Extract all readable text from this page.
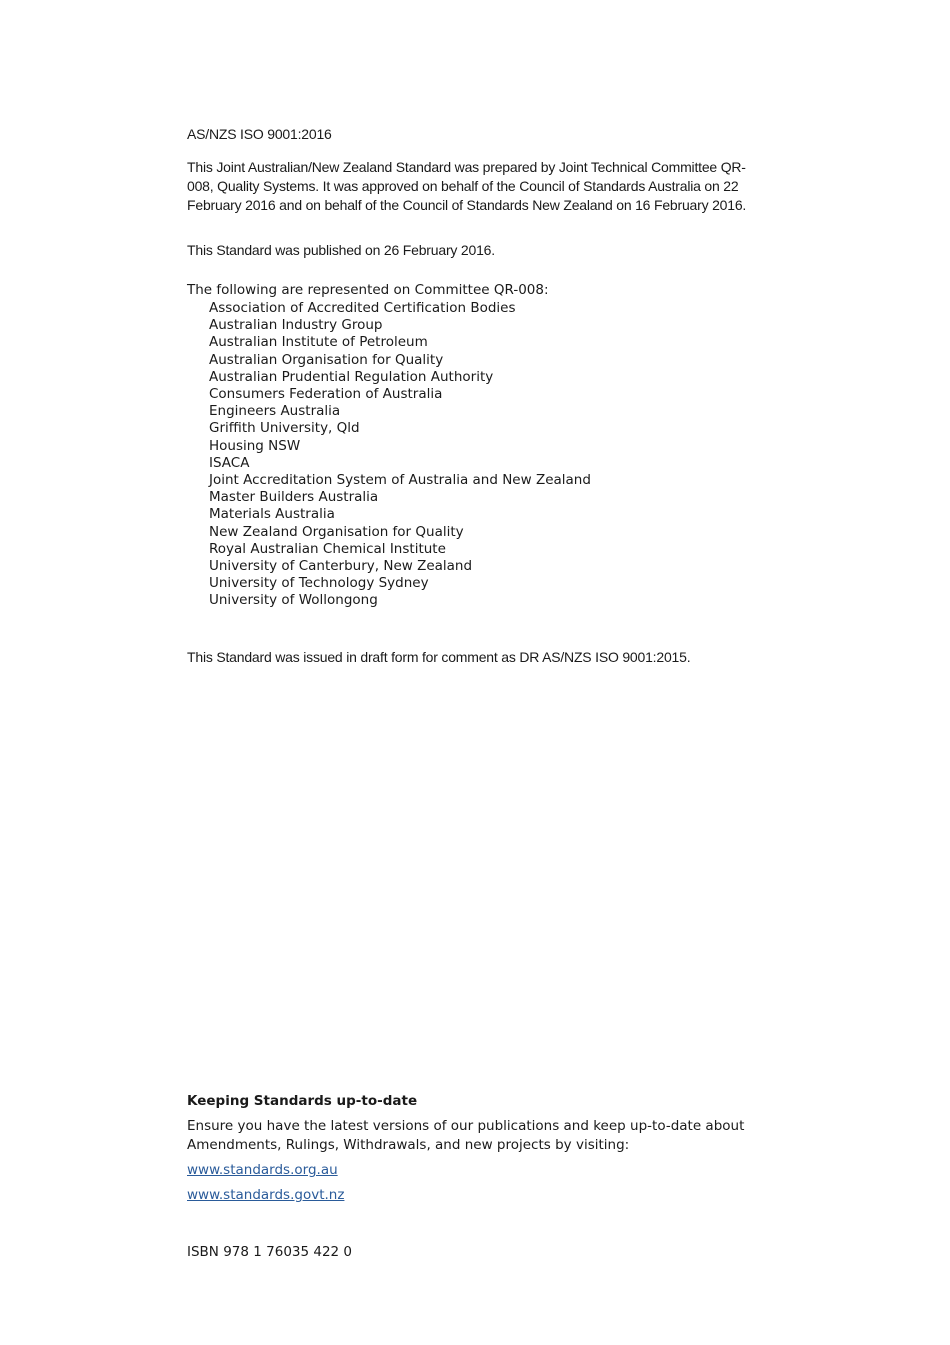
AS/NZS ISO 9001:2016

This Joint Australian/New Zealand Standard was prepared by Joint Technical Committee QR-008, Quality Systems. It was approved on behalf of the Council of Standards Australia on 22 February 2016 and on behalf of the Council of Standards New Zealand on 16 February 2016.

This Standard was published on 26 February 2016.

The following are represented on Committee QR-008:

Association of Accredited Certification Bodies
Australian Industry Group
Australian Institute of Petroleum
Australian Organisation for Quality
Australian Prudential Regulation Authority
Consumers Federation of Australia
Engineers Australia
Griffith University, Qld
Housing NSW
ISACA
Joint Accreditation System of Australia and New Zealand
Master Builders Australia
Materials Australia
New Zealand Organisation for Quality
Royal Australian Chemical Institute
University of Canterbury, New Zealand
University of Technology Sydney
University of Wollongong

This Standard was issued in draft form for comment as DR AS/NZS ISO 9001:2015.

Keeping Standards up-to-date

Ensure you have the latest versions of our publications and keep up-to-date about Amendments, Rulings, Withdrawals, and new projects by visiting:

www.standards.org.au

www.standards.govt.nz

ISBN 978 1 76035 422 0
